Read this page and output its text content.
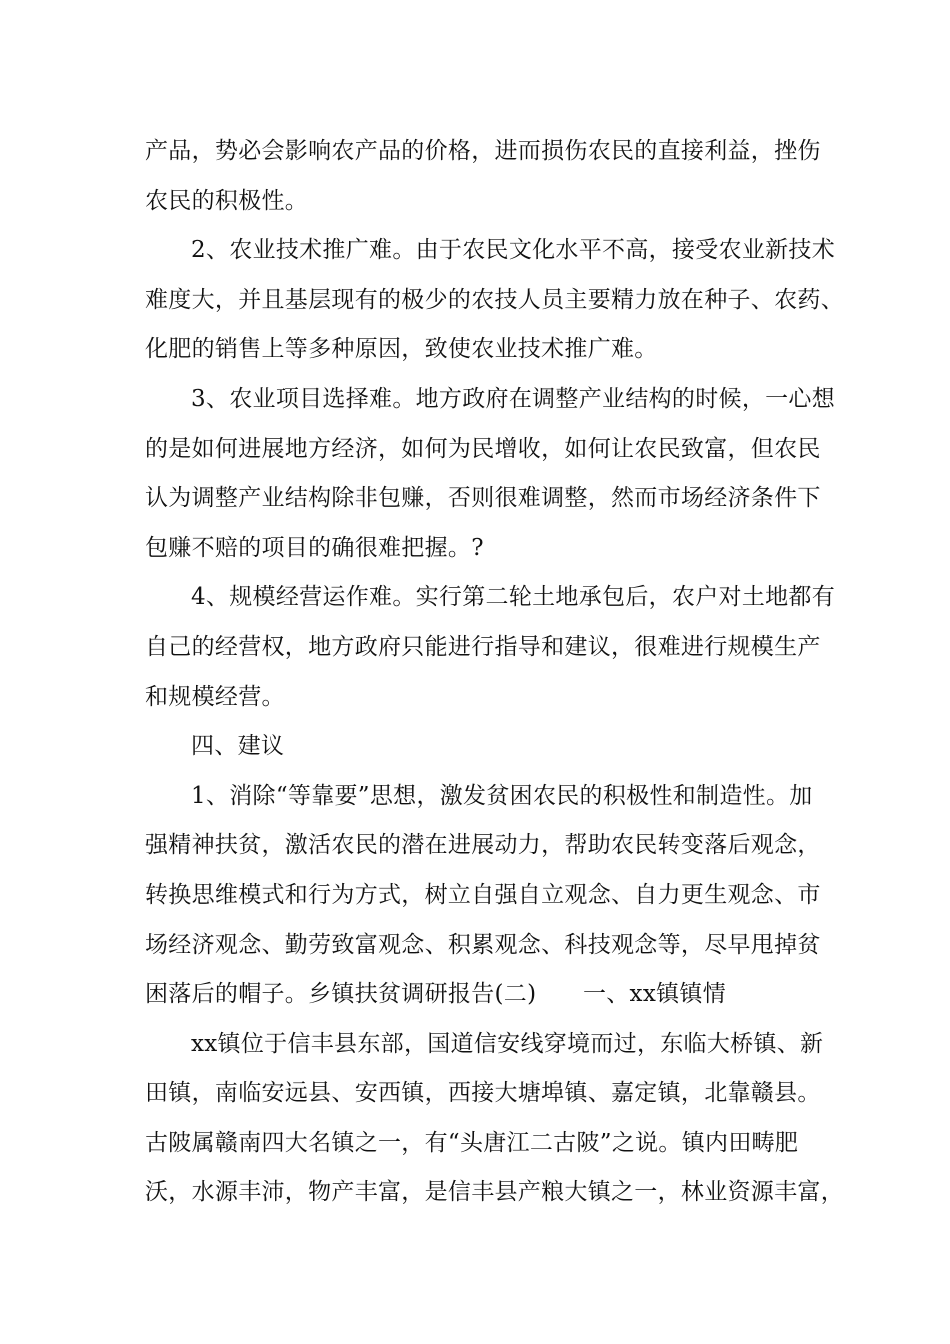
产品，势必会影响农产品的价格，进而损伤农民的直接利益，挫伤
农民的积极性。
2、农业技术推广难。由于农民文化水平不高，接受农业新技术
难度大，并且基层现有的极少的农技人员主要精力放在种子、农药、
化肥的销售上等多种原因，致使农业技术推广难。
3、农业项目选择难。地方政府在调整产业结构的时候，一心想
的是如何进展地方经济，如何为民增收，如何让农民致富，但农民
认为调整产业结构除非包赚，否则很难调整，然而市场经济条件下
包赚不赔的项目的确很难把握。?
4、规模经营运作难。实行第二轮土地承包后，农户对土地都有
自己的经营权，地方政府只能进行指导和建议，很难进行规模生产
和规模经营。
四、建议
1、消除“等靠要”思想，激发贫困农民的积极性和制造性。加
强精神扶贫，激活农民的潜在进展动力，帮助农民转变落后观念，
转换思维模式和行为方式，树立自强自立观念、自力更生观念、市
场经济观念、勤劳致富观念、积累观念、科技观念等，尽早甩掉贫
困落后的帽子。乡镇扶贫调研报告(二)　　一、xx镇镇情
xx镇位于信丰县东部，国道信安线穿境而过，东临大桥镇、新
田镇，南临安远县、安西镇，西接大塘埠镇、嘉定镇，北靠赣县。
古陂属赣南四大名镇之一，有“头唐江二古陂”之说。镇内田畴肥
沃，水源丰沛，物产丰富，是信丰县产粮大镇之一，林业资源丰富，
